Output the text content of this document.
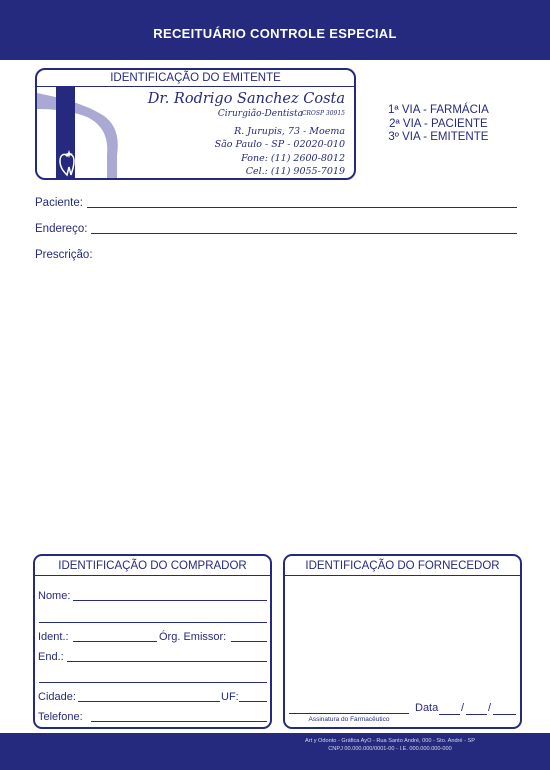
RECEITUÁRIO CONTROLE ESPECIAL
IDENTIFICAÇÃO DO EMITENTE
Dr. Rodrigo Sanchez Costa
Cirurgião-Dentista
CROSP 30915
R. Jurupis, 73 - Moema
São Paulo - SP - 02020-010
Fone: (11) 2600-8012
Cel.: (11) 9055-7019
1ª VIA - FARMÁCIA
2ª VIA - PACIENTE
3º VIA - EMITENTE
Paciente:
Endereço:
Prescrição:
IDENTIFICAÇÃO DO COMPRADOR
Nome:
Ident.:	Órg. Emissor:
End.:
Cidade:	UF:
Telefone:
IDENTIFICAÇÃO DO FORNECEDOR
Assinatura do Farmacêutico
Data / /
Art y Odonto - Gráfica AyO - Rua Santo André, 000 - Sto. André - SP
CNPJ 00.000.000/0001-00 - I.E. 000.000.000-000
